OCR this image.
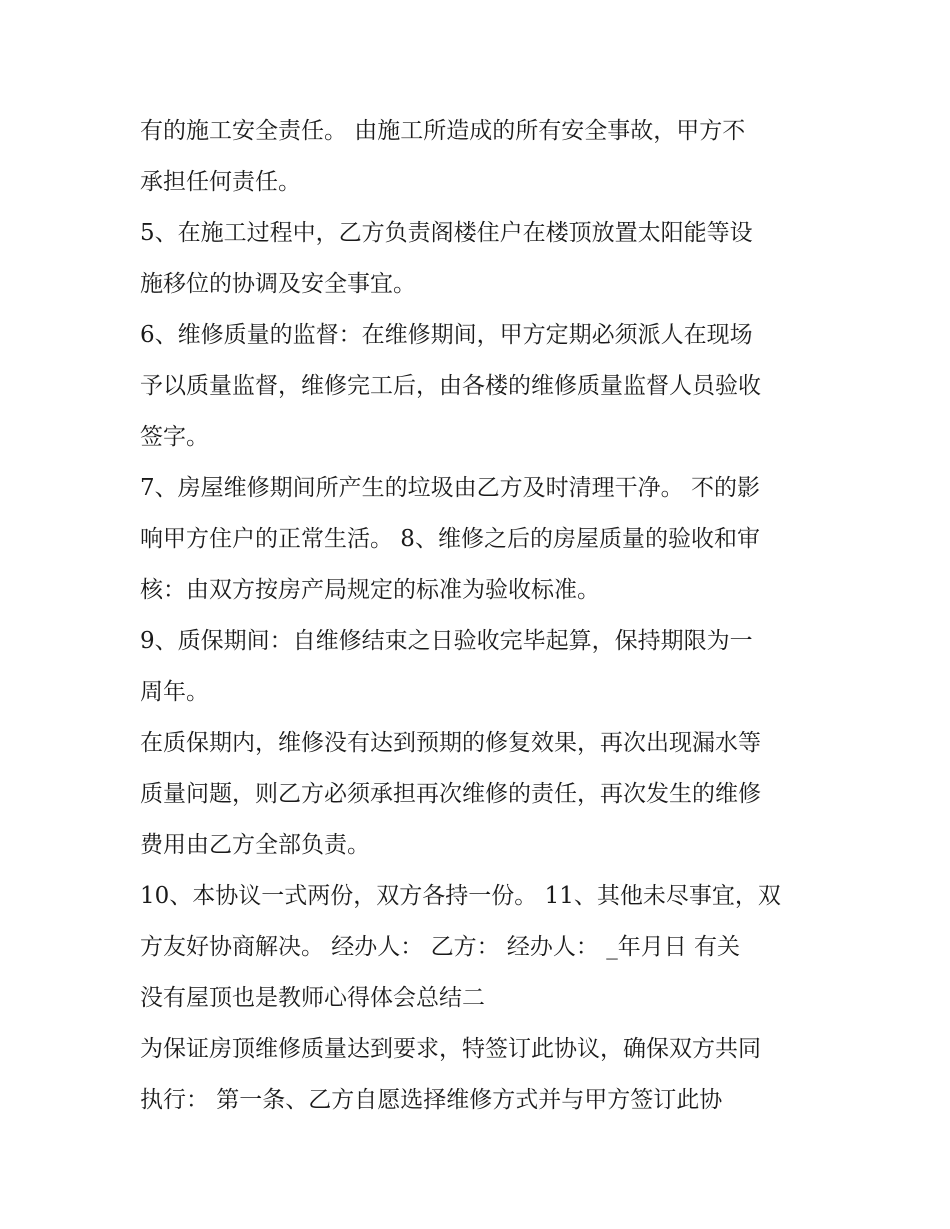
有的施工安全责任。 由施工所造成的所有安全事故，甲方不
承担任何责任。
5、在施工过程中，乙方负责阁楼住户在楼顶放置太阳能等设
施移位的协调及安全事宜。
6、维修质量的监督：在维修期间，甲方定期必须派人在现场
予以质量监督，维修完工后，由各楼的维修质量监督人员验收
签字。
7、房屋维修期间所产生的垃圾由乙方及时清理干净。 不的影
响甲方住户的正常生活。 8、维修之后的房屋质量的验收和审
核：由双方按房产局规定的标准为验收标准。
9、质保期间：自维修结束之日验收完毕起算，保持期限为一
周年。
在质保期内，维修没有达到预期的修复效果，再次出现漏水等
质量问题，则乙方必须承担再次维修的责任，再次发生的维修
费用由乙方全部负责。
10、本协议一式两份，双方各持一份。 11、其他未尽事宜，双
方友好协商解决。 经办人： 乙方： 经办人： _年月日 有关
没有屋顶也是教师心得体会总结二
为保证房顶维修质量达到要求，特签订此协议，确保双方共同
执行： 第一条、乙方自愿选择维修方式并与甲方签订此协
